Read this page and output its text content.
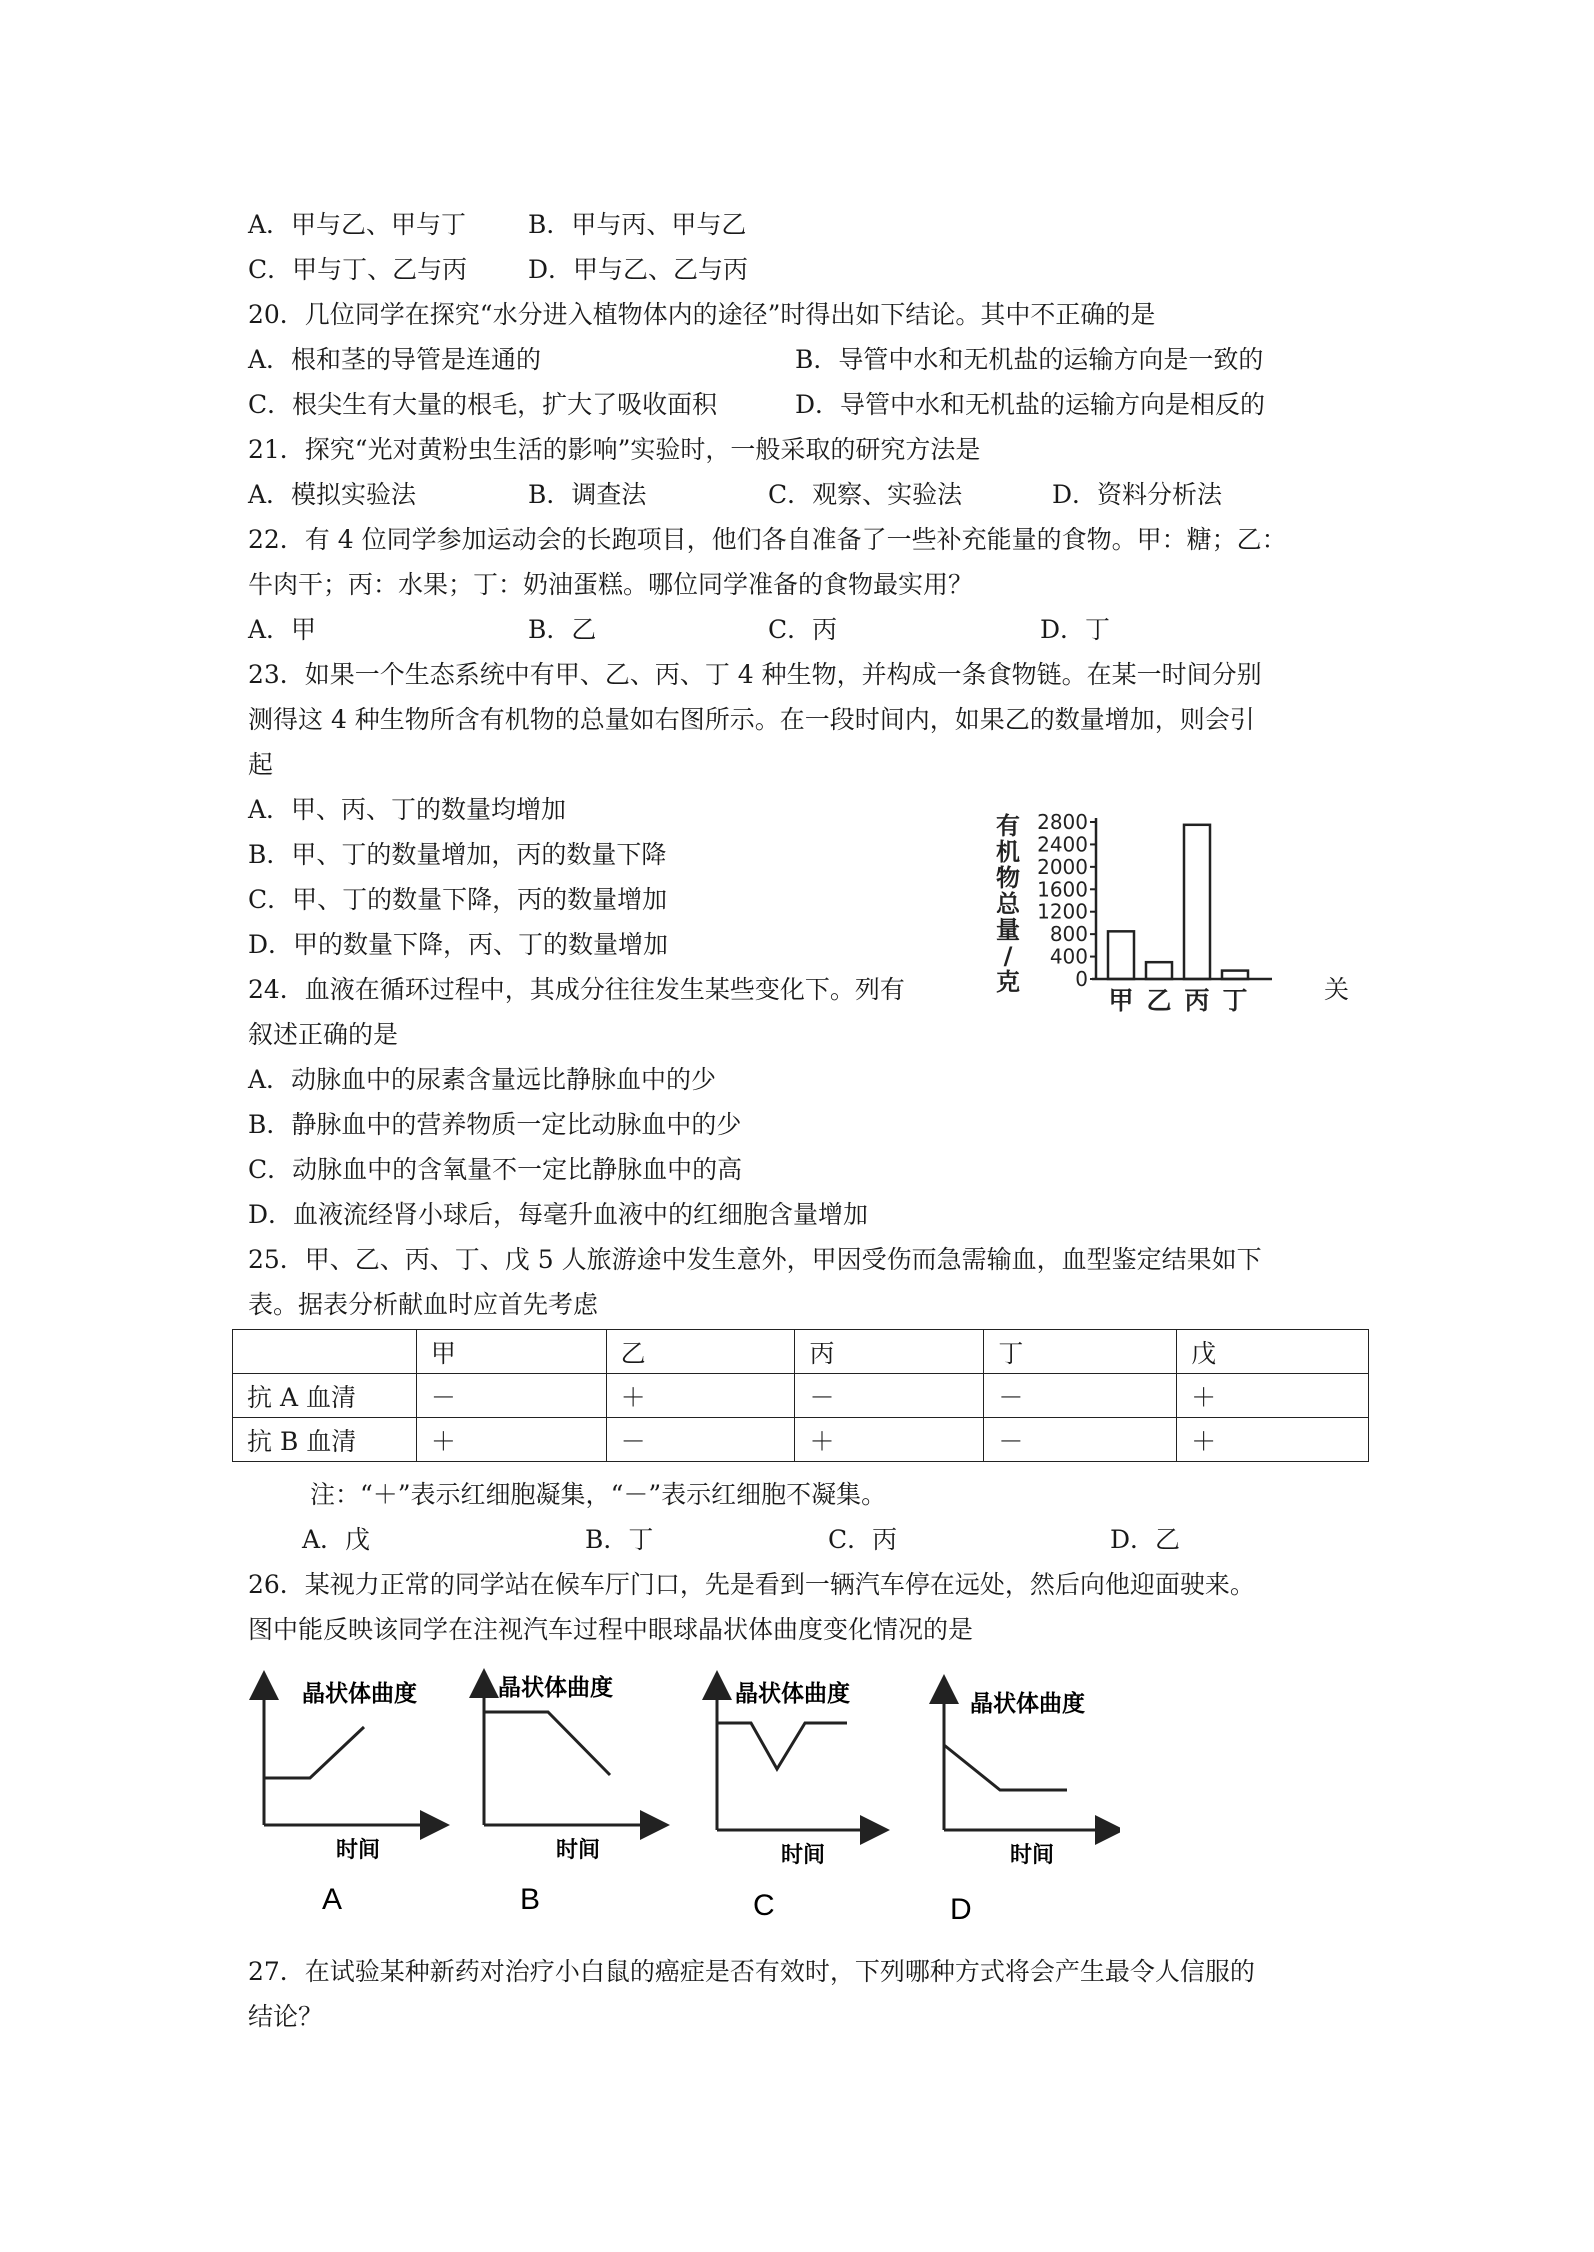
A．甲与乙、甲与丁 B．甲与丙、甲与乙
C．甲与丁、乙与丙 D．甲与乙、乙与丙
20．几位同学在探究“水分进入植物体内的途径”时得出如下结论。其中不正确的是
A．根和茎的导管是连通的	B．导管中水和无机盐的运输方向是一致的
C．根尖生有大量的根毛，扩大了吸收面积	D．导管中水和无机盐的运输方向是相反的
21．探究“光对黄粉虫生活的影响”实验时，一般采取的研究方法是
A．模拟实验法	B．调查法	C．观察、实验法	D．资料分析法
22．有 4 位同学参加运动会的长跑项目，他们各自准备了一些补充能量的食物。甲：糖；乙：
牛肉干；丙：水果；丁：奶油蛋糕。哪位同学准备的食物最实用？
A．甲	B．乙	C．丙	D．丁
23．如果一个生态系统中有甲、乙、丙、丁 4 种生物，并构成一条食物链。在某一时间分别
测得这 4 种生物所含有机物的总量如右图所示。在一段时间内，如果乙的数量增加，则会引
起
A．甲、丙、丁的数量均增加
B．甲、丁的数量增加，丙的数量下降
C．甲、丁的数量下降，丙的数量增加
D．甲的数量下降，丙、丁的数量增加
有
机
物
总
量
/
克
2800
2400
2000
1600
1200
800
400
0
甲 乙 丙 丁
24．血液在循环过程中，其成分往往发生某些变化下。列有	关
叙述正确的是
A．动脉血中的尿素含量远比静脉血中的少
B．静脉血中的营养物质一定比动脉血中的少
C．动脉血中的含氧量不一定比静脉血中的高
D．血液流经肾小球后，每毫升血液中的红细胞含量增加
25．甲、乙、丙、丁、戊 5 人旅游途中发生意外，甲因受伤而急需输血，血型鉴定结果如下
表。据表分析献血时应首先考虑
	甲	乙	丙	丁	戊
抗 A 血清	－	＋	－	－	＋
抗 B 血清	＋	－	＋	－	＋
注：“＋”表示红细胞凝集，“－”表示红细胞不凝集。
A．戊	B．丁	C．丙	D．乙
26．某视力正常的同学站在候车厅门口，先是看到一辆汽车停在远处，然后向他迎面驶来。
图中能反映该同学在注视汽车过程中眼球晶状体曲度变化情况的是
晶状体曲度
时间
A
晶状体曲度
时间
B
晶状体曲度
时间
C
晶状体曲度
时间
D
27．在试验某种新药对治疗小白鼠的癌症是否有效时，下列哪种方式将会产生最令人信服的
结论？
